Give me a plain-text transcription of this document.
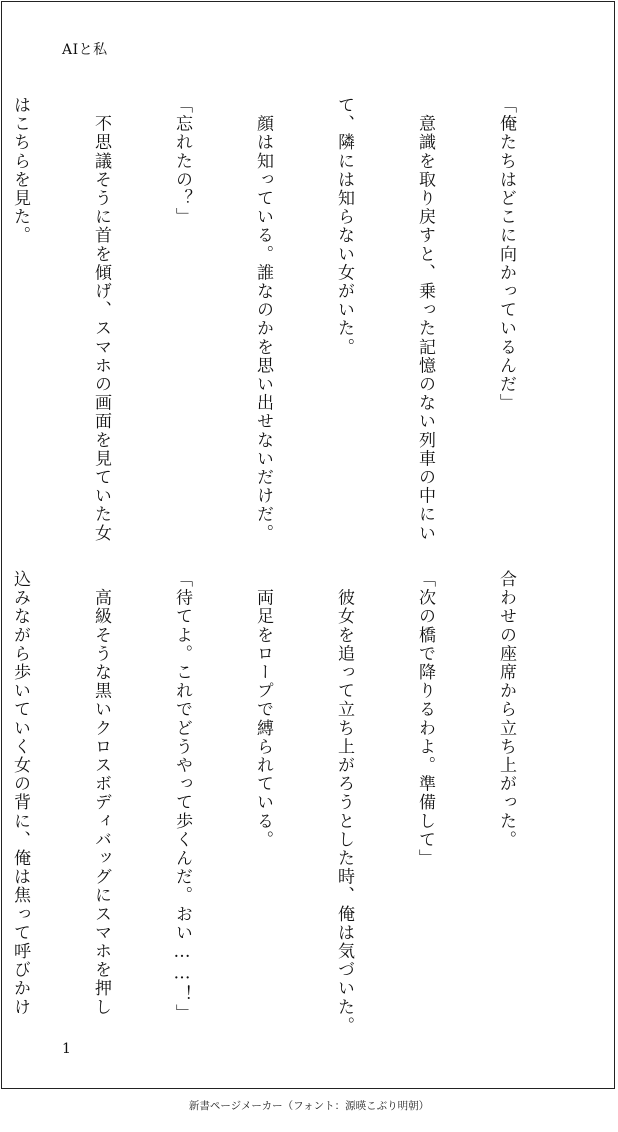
AIと私

「俺たちはどこに向かっているんだ」

　意識を取り戻すと、乗った記憶のない列車の中にい

て、隣には知らない女がいた。

　顔は知っている。誰なのかを思い出せないだけだ。

「忘れたの？」

　不思議そうに首を傾げ、スマホの画面を見ていた女

はこちらを見た。

合わせの座席から立ち上がった。

「次の橋で降りるわよ。準備して」

　彼女を追って立ち上がろうとした時、俺は気づいた。

　両足をロープで縛られている。

「待てよ。これでどうやって歩くんだ。おい……！」

　高級そうな黒いクロスボディバッグにスマホを押し

込みながら歩いていく女の背に、俺は焦って呼びかけ

1
新書ページメーカー（フォント：源暎こぶり明朝）
